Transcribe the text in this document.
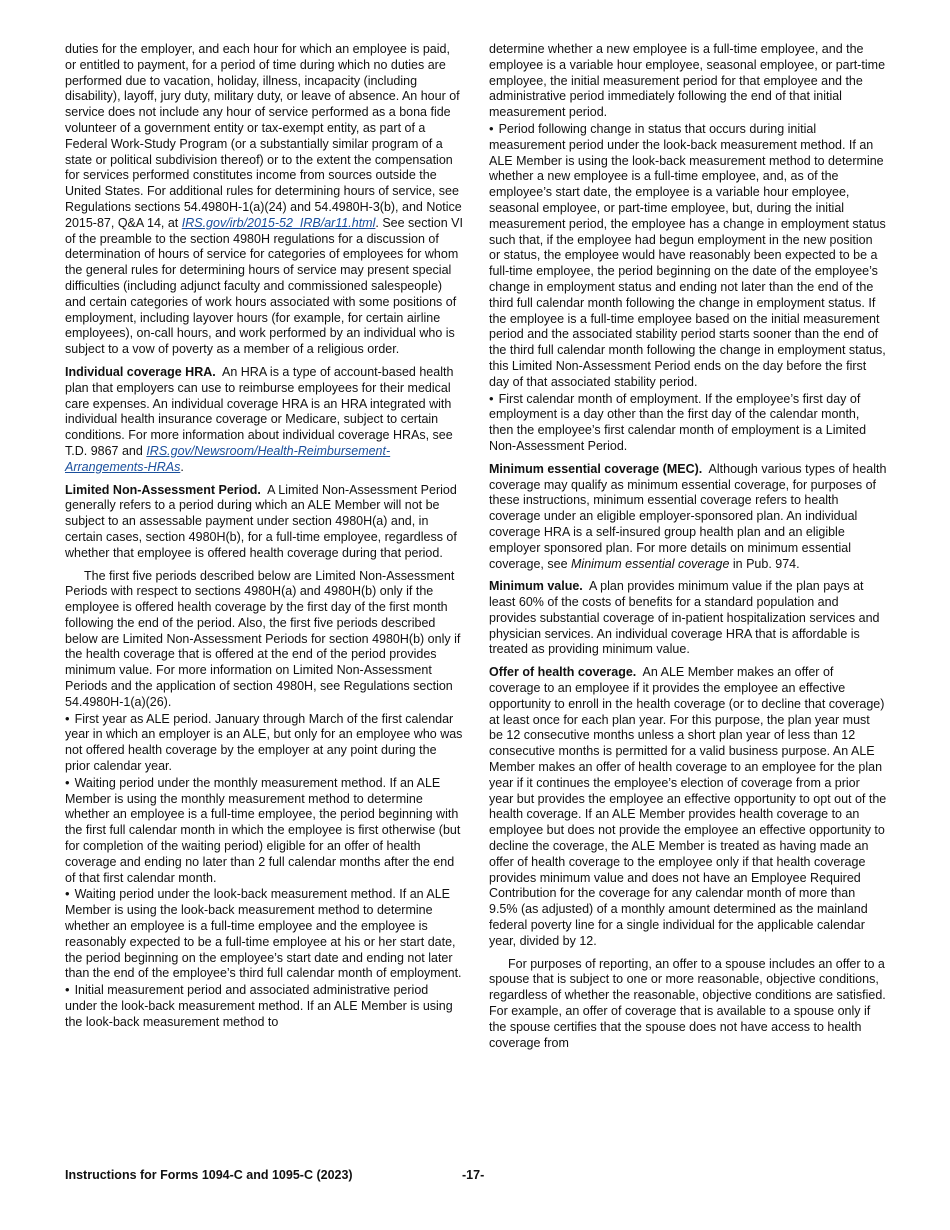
duties for the employer, and each hour for which an employee is paid, or entitled to payment, for a period of time during which no duties are performed due to vacation, holiday, illness, incapacity (including disability), layoff, jury duty, military duty, or leave of absence. An hour of service does not include any hour of service performed as a bona fide volunteer of a government entity or tax-exempt entity, as part of a Federal Work-Study Program (or a substantially similar program of a state or political subdivision thereof) or to the extent the compensation for services performed constitutes income from sources outside the United States. For additional rules for determining hours of service, see Regulations sections 54.4980H-1(a)(24) and 54.4980H-3(b), and Notice 2015-87, Q&A 14, at IRS.gov/irb/2015-52_IRB/ar11.html. See section VI of the preamble to the section 4980H regulations for a discussion of determination of hours of service for categories of employees for whom the general rules for determining hours of service may present special difficulties (including adjunct faculty and commissioned salespeople) and certain categories of work hours associated with some positions of employment, including layover hours (for example, for certain airline employees), on-call hours, and work performed by an individual who is subject to a vow of poverty as a member of a religious order.

Individual coverage HRA. An HRA is a type of account-based health plan that employers can use to reimburse employees for their medical care expenses. An individual coverage HRA is an HRA integrated with individual health insurance coverage or Medicare, subject to certain conditions. For more information about individual coverage HRAs, see T.D. 9867 and IRS.gov/Newsroom/Health-Reimbursement-Arrangements-HRAs.

Limited Non-Assessment Period. A Limited Non-Assessment Period generally refers to a period during which an ALE Member will not be subject to an assessable payment under section 4980H(a) and, in certain cases, section 4980H(b), for a full-time employee, regardless of whether that employee is offered health coverage during that period.

The first five periods described below are Limited Non-Assessment Periods with respect to sections 4980H(a) and 4980H(b) only if the employee is offered health coverage by the first day of the first month following the end of the period. Also, the first five periods described below are Limited Non-Assessment Periods for section 4980H(b) only if the health coverage that is offered at the end of the period provides minimum value. For more information on Limited Non-Assessment Periods and the application of section 4980H, see Regulations section 54.4980H-1(a)(26).

• First year as ALE period. January through March of the first calendar year in which an employer is an ALE, but only for an employee who was not offered health coverage by the employer at any point during the prior calendar year.
• Waiting period under the monthly measurement method. If an ALE Member is using the monthly measurement method to determine whether an employee is a full-time employee, the period beginning with the first full calendar month in which the employee is first otherwise (but for completion of the waiting period) eligible for an offer of health coverage and ending no later than 2 full calendar months after the end of that first calendar month.
• Waiting period under the look-back measurement method. If an ALE Member is using the look-back measurement method to determine whether an employee is a full-time employee and the employee is reasonably expected to be a full-time employee at his or her start date, the period beginning on the employee’s start date and ending not later than the end of the employee’s third full calendar month of employment.
• Initial measurement period and associated administrative period under the look-back measurement method. If an ALE Member is using the look-back measurement method to

determine whether a new employee is a full-time employee, and the employee is a variable hour employee, seasonal employee, or part-time employee, the initial measurement period for that employee and the administrative period immediately following the end of that initial measurement period.

• Period following change in status that occurs during initial measurement period under the look-back measurement method. If an ALE Member is using the look-back measurement method to determine whether a new employee is a full-time employee, and, as of the employee’s start date, the employee is a variable hour employee, seasonal employee, or part-time employee, but, during the initial measurement period, the employee has a change in employment status such that, if the employee had begun employment in the new position or status, the employee would have reasonably been expected to be a full-time employee, the period beginning on the date of the employee’s change in employment status and ending not later than the end of the third full calendar month following the change in employment status. If the employee is a full-time employee based on the initial measurement period and the associated stability period starts sooner than the end of the third full calendar month following the change in employment status, this Limited Non-Assessment Period ends on the day before the first day of that associated stability period.
• First calendar month of employment. If the employee’s first day of employment is a day other than the first day of the calendar month, then the employee’s first calendar month of employment is a Limited Non-Assessment Period.

Minimum essential coverage (MEC). Although various types of health coverage may qualify as minimum essential coverage, for purposes of these instructions, minimum essential coverage refers to health coverage under an eligible employer-sponsored plan. An individual coverage HRA is a self-insured group health plan and an eligible employer sponsored plan. For more details on minimum essential coverage, see Minimum essential coverage in Pub. 974.

Minimum value. A plan provides minimum value if the plan pays at least 60% of the costs of benefits for a standard population and provides substantial coverage of in-patient hospitalization services and physician services. An individual coverage HRA that is affordable is treated as providing minimum value.

Offer of health coverage. An ALE Member makes an offer of coverage to an employee if it provides the employee an effective opportunity to enroll in the health coverage (or to decline that coverage) at least once for each plan year. For this purpose, the plan year must be 12 consecutive months unless a short plan year of less than 12 consecutive months is permitted for a valid business purpose. An ALE Member makes an offer of health coverage to an employee for the plan year if it continues the employee’s election of coverage from a prior year but provides the employee an effective opportunity to opt out of the health coverage. If an ALE Member provides health coverage to an employee but does not provide the employee an effective opportunity to decline the coverage, the ALE Member is treated as having made an offer of health coverage to the employee only if that health coverage provides minimum value and does not have an Employee Required Contribution for the coverage for any calendar month of more than 9.5% (as adjusted) of a monthly amount determined as the mainland federal poverty line for a single individual for the applicable calendar year, divided by 12.

For purposes of reporting, an offer to a spouse includes an offer to a spouse that is subject to one or more reasonable, objective conditions, regardless of whether the reasonable, objective conditions are satisfied. For example, an offer of coverage that is available to a spouse only if the spouse certifies that the spouse does not have access to health coverage from

Instructions for Forms 1094-C and 1095-C (2023)	-17-
